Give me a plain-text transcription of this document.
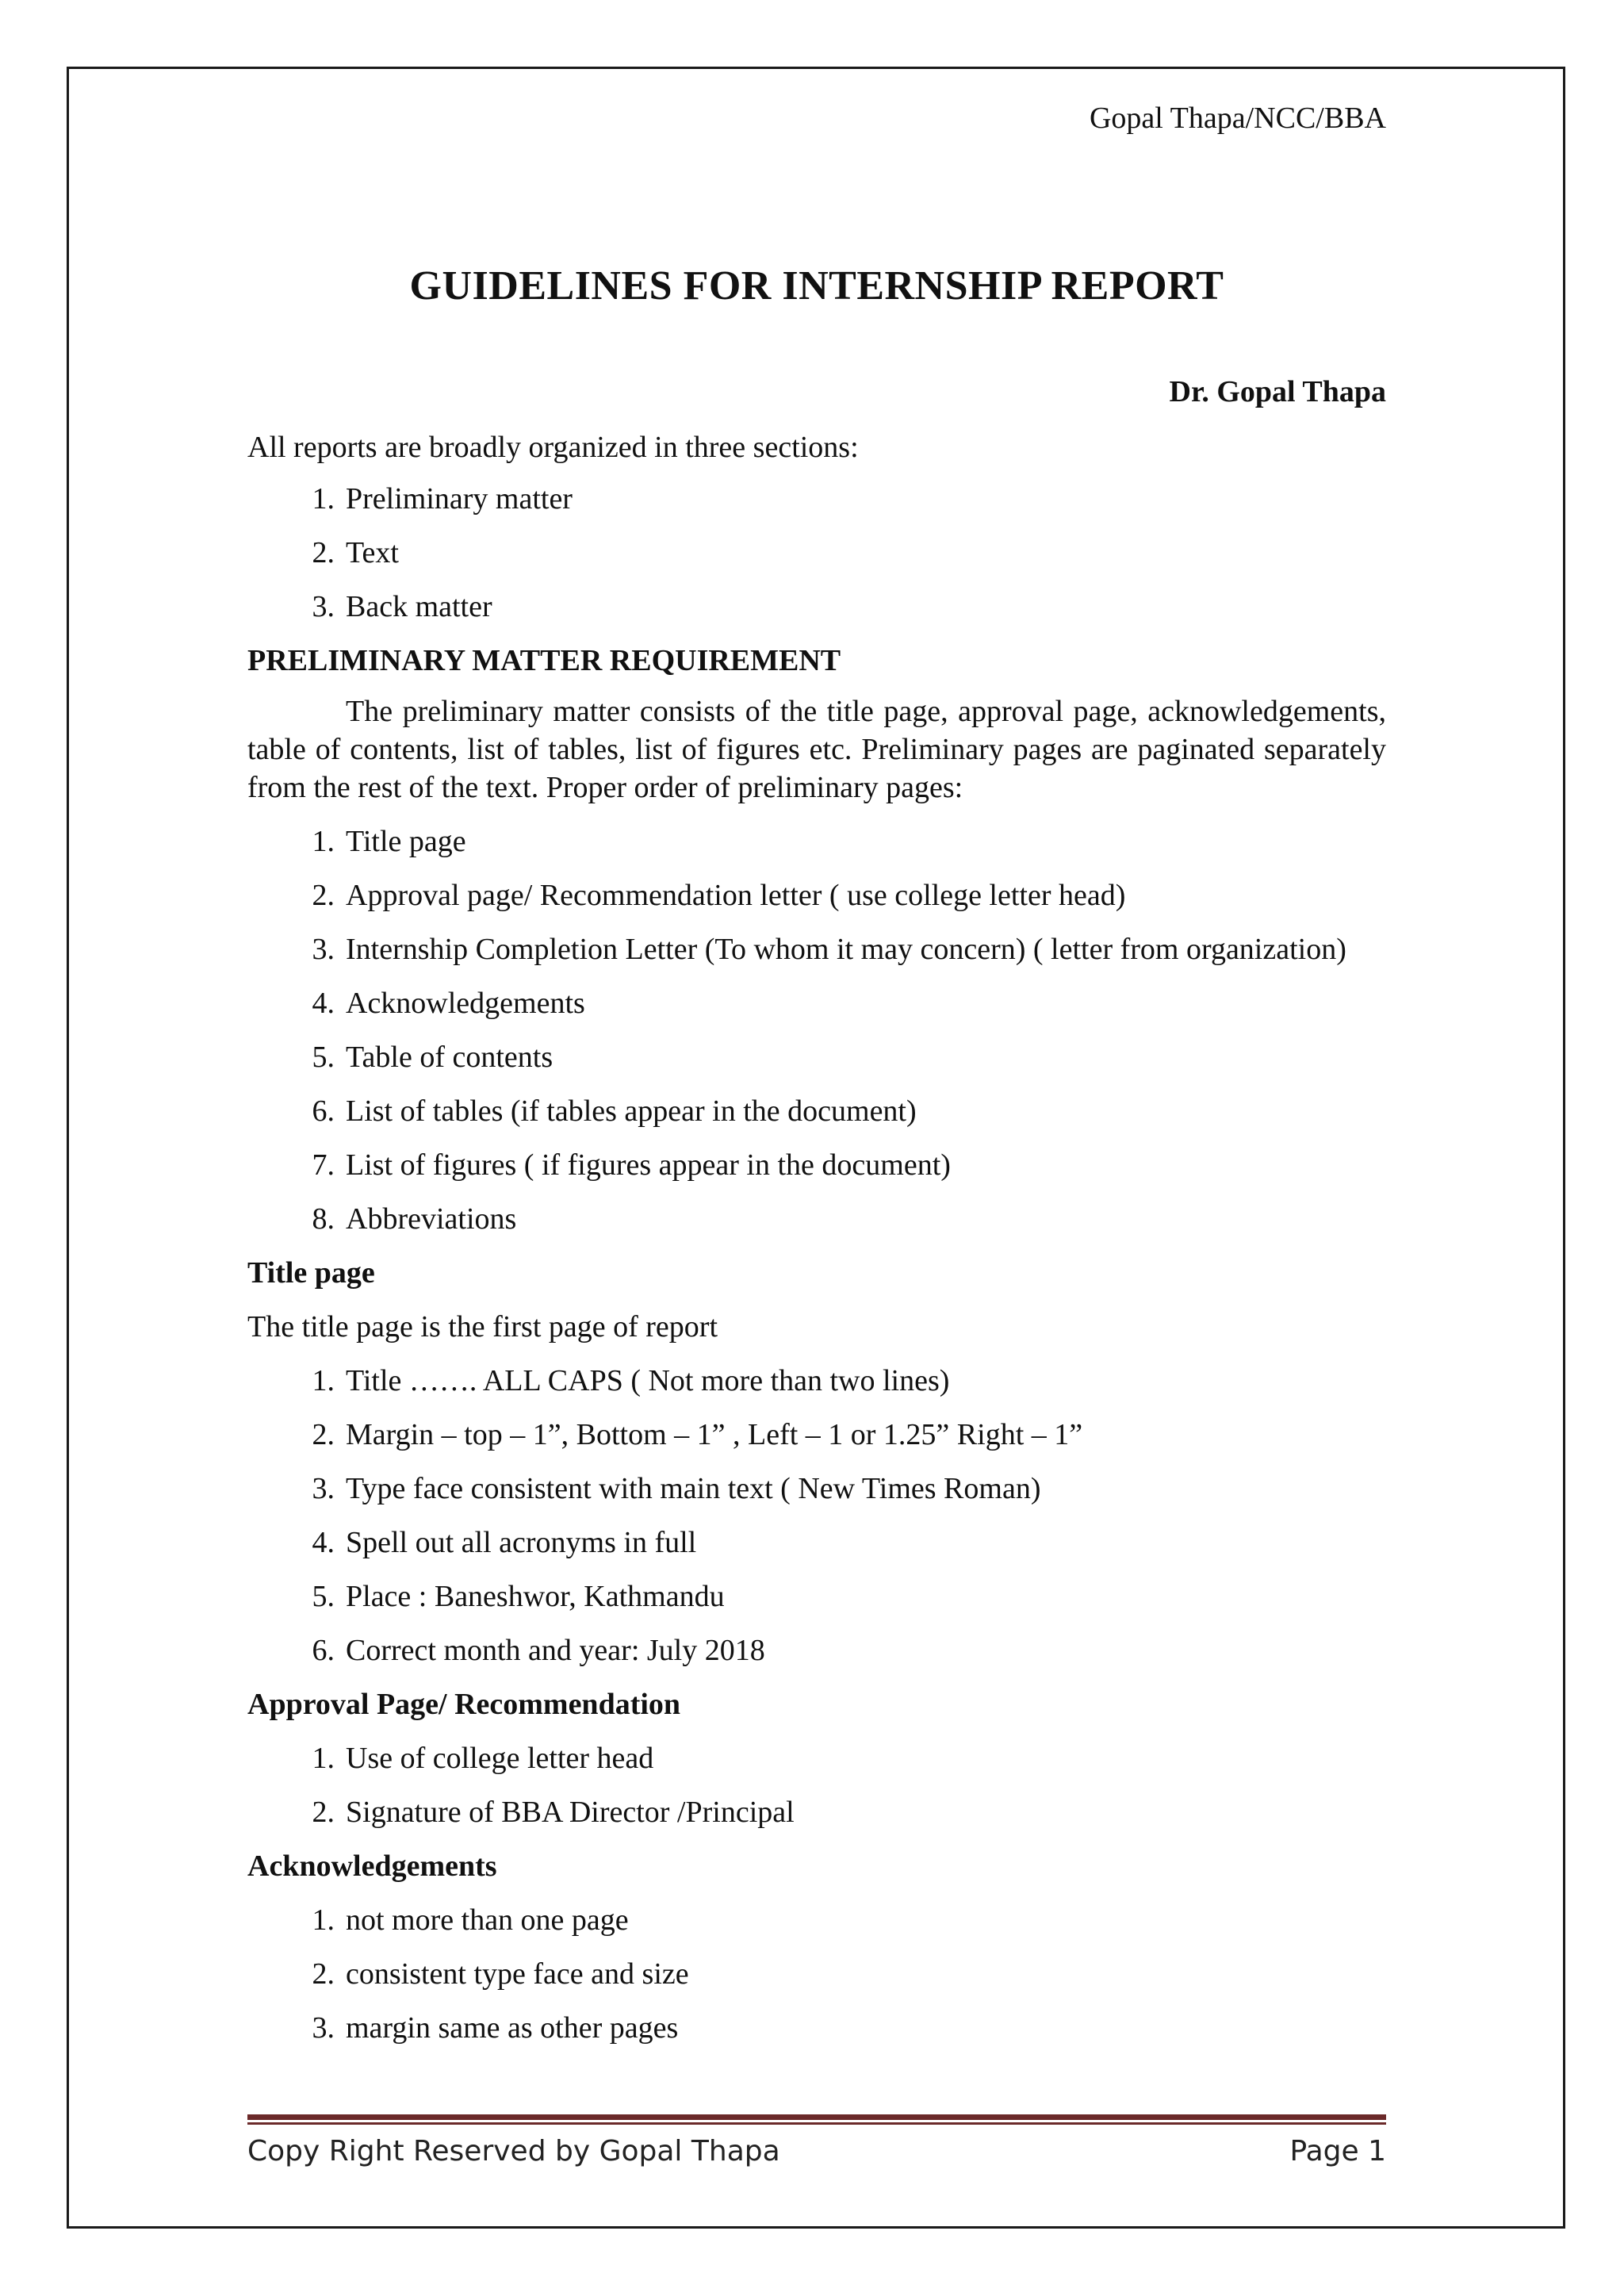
Gopal Thapa/NCC/BBA

GUIDELINES FOR INTERNSHIP REPORT

Dr. Gopal Thapa

All reports are broadly organized in three sections:

1. Preliminary matter
2. Text
3. Back matter
PRELIMINARY MATTER REQUIREMENT
The preliminary matter consists of the title page, approval page, acknowledgements, table of contents, list of tables, list of figures etc. Preliminary pages are paginated separately from the rest of the text. Proper order of preliminary pages:
1. Title page
2. Approval page/ Recommendation letter ( use college letter head)
3. Internship Completion Letter (To whom it may concern) ( letter from organization)
4. Acknowledgements
5. Table of contents
6. List of tables (if tables appear in the document)
7. List of figures ( if figures appear in the document)
8. Abbreviations
Title page
The title page is the first page of report
1. Title ……. ALL CAPS ( Not more than two lines)
2. Margin – top – 1”, Bottom – 1” , Left – 1 or 1.25” Right – 1”
3. Type face consistent with main text ( New Times Roman)
4. Spell out all acronyms in full
5. Place : Baneshwor, Kathmandu
6. Correct month and year: July 2018
Approval Page/ Recommendation
1. Use of college letter head
2. Signature of BBA Director /Principal
Acknowledgements
1. not more than one page
2. consistent type face and size
3. margin same as other pages
Copy Right Reserved by Gopal Thapa	Page 1
